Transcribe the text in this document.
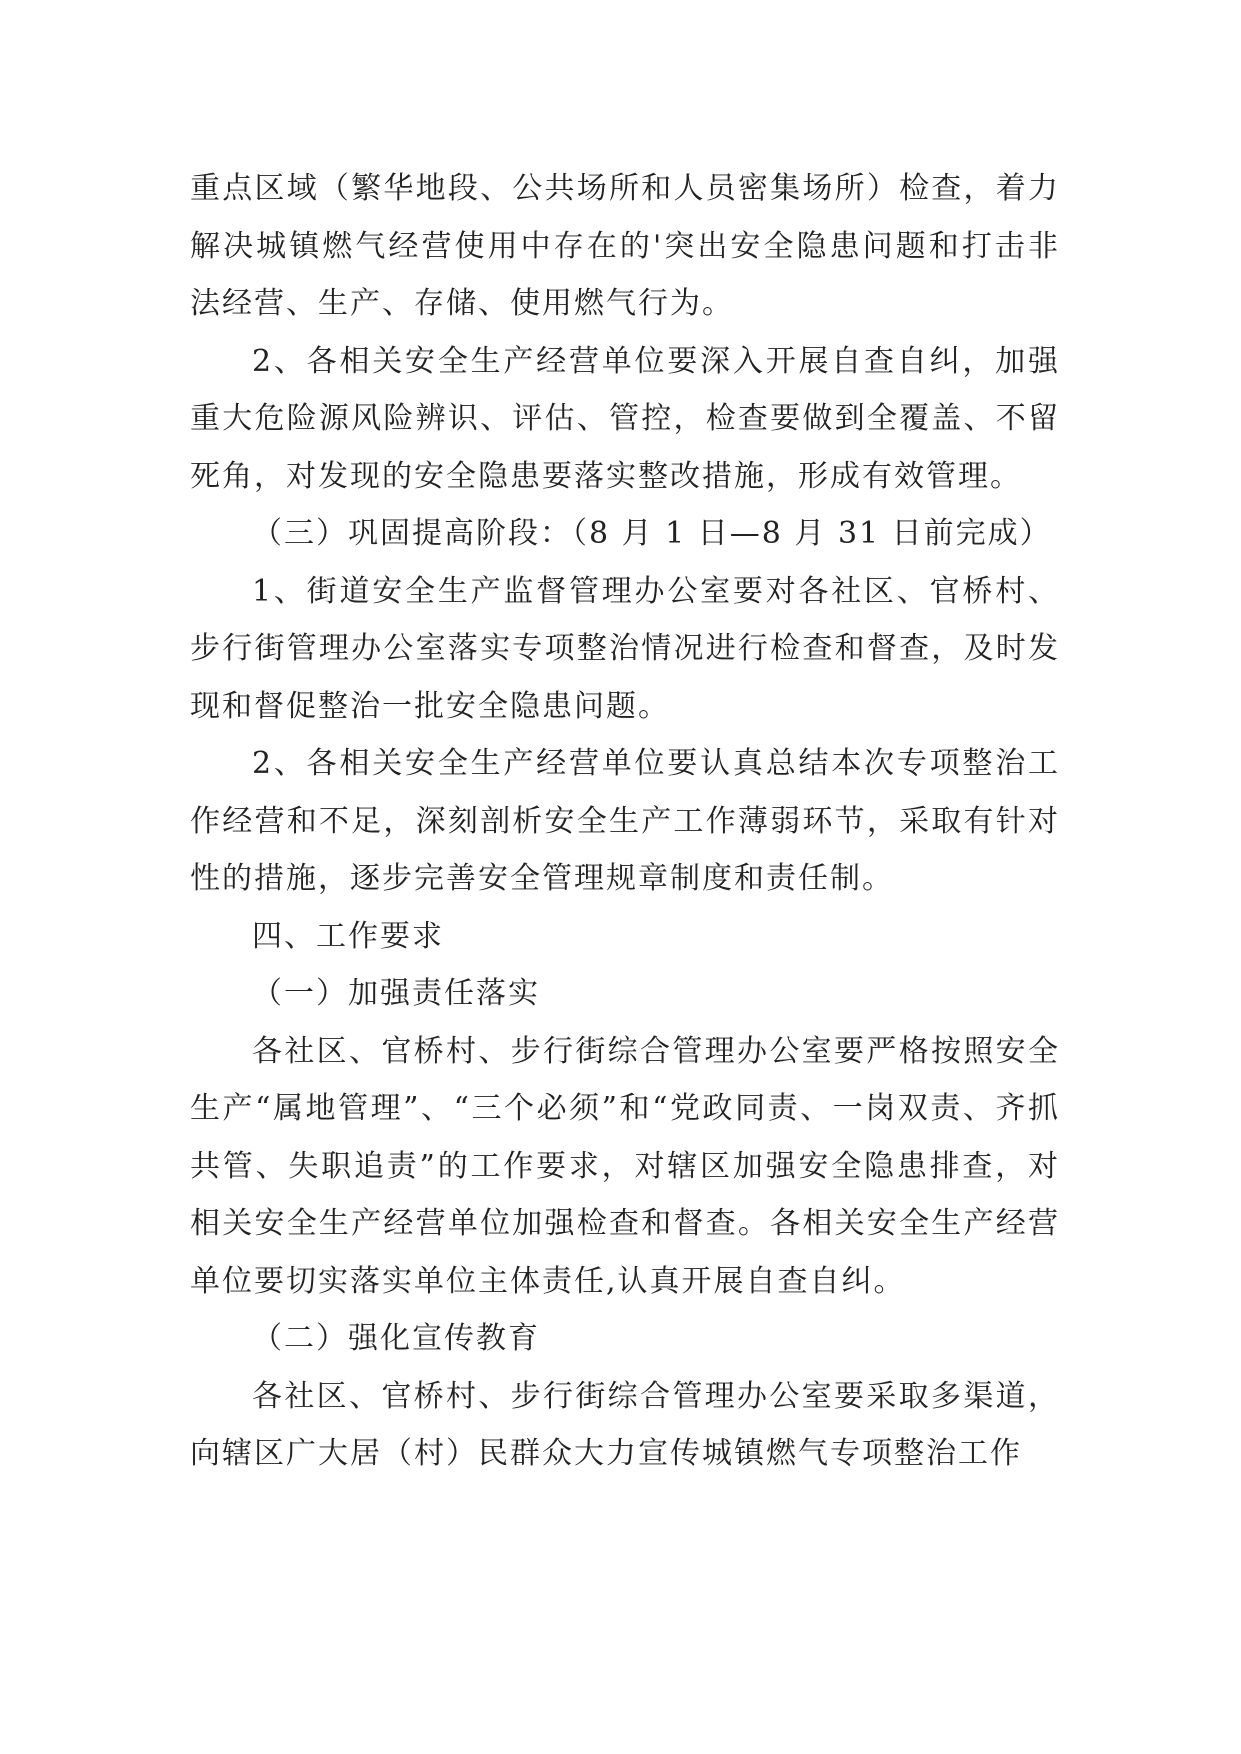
重点区域（繁华地段、公共场所和人员密集场所）检查，着力解决城镇燃气经营使用中存在的'突出安全隐患问题和打击非法经营、生产、存储、使用燃气行为。

2、各相关安全生产经营单位要深入开展自查自纠，加强重大危险源风险辨识、评估、管控，检查要做到全覆盖、不留死角，对发现的安全隐患要落实整改措施，形成有效管理。

（三）巩固提高阶段：（8 月 1 日—8 月 31 日前完成）

1、街道安全生产监督管理办公室要对各社区、官桥村、步行街管理办公室落实专项整治情况进行检查和督查，及时发现和督促整治一批安全隐患问题。

2、各相关安全生产经营单位要认真总结本次专项整治工作经营和不足，深刻剖析安全生产工作薄弱环节，采取有针对性的措施，逐步完善安全管理规章制度和责任制。

四、工作要求

（一）加强责任落实

各社区、官桥村、步行街综合管理办公室要严格按照安全生产“属地管理”、“三个必须”和“党政同责、一岗双责、齐抓共管、失职追责”的工作要求，对辖区加强安全隐患排查，对相关安全生产经营单位加强检查和督查。各相关安全生产经营单位要切实落实单位主体责任,认真开展自查自纠。

（二）强化宣传教育

各社区、官桥村、步行街综合管理办公室要采取多渠道，向辖区广大居（村）民群众大力宣传城镇燃气专项整治工作
